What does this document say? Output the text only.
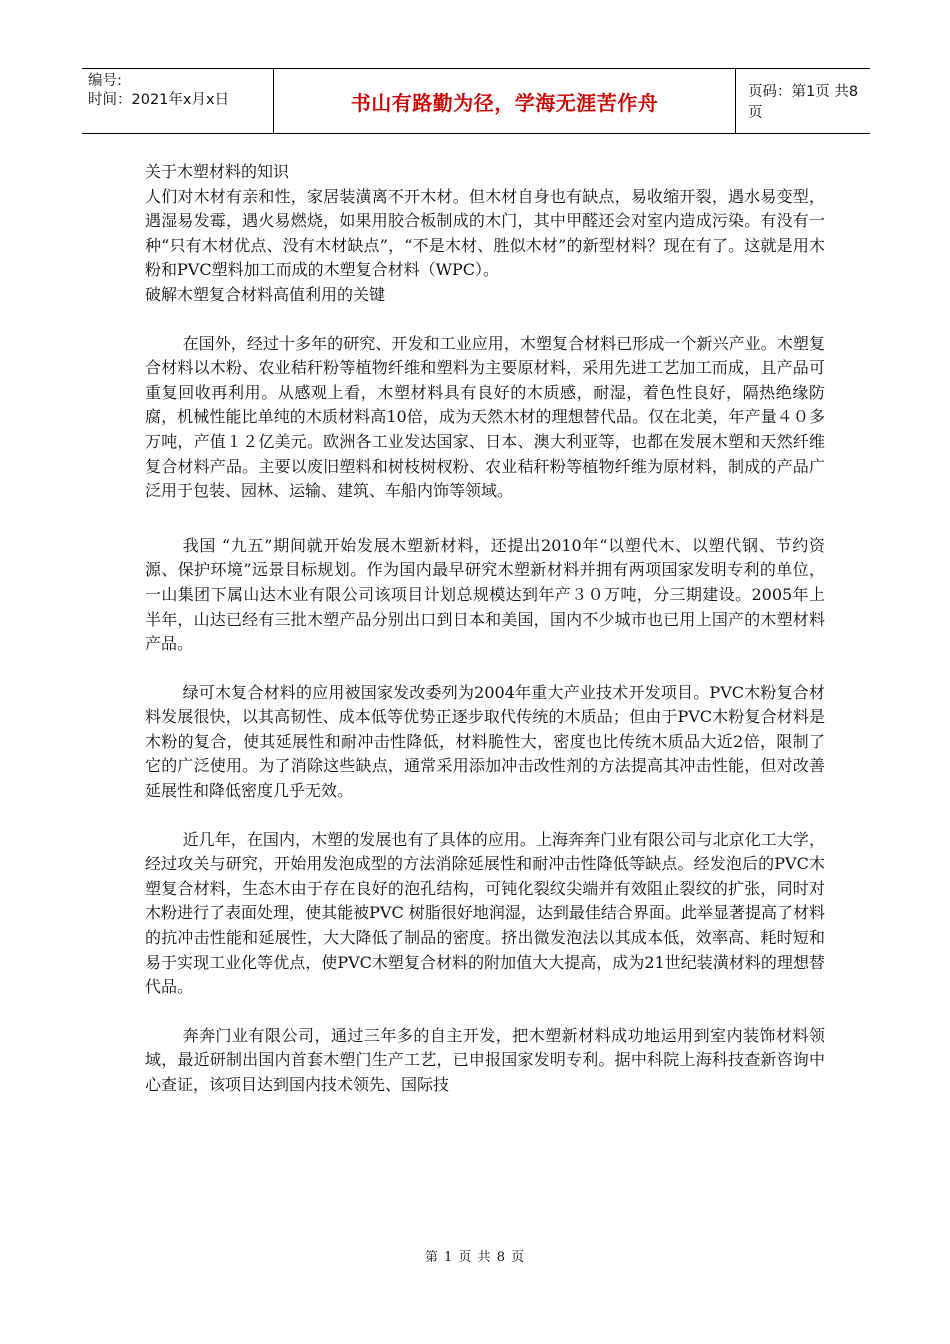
编号:
时间：2021年x月x日	书山有路勤为径，学海无涯苦作舟	页码：第1页 共8页

关于木塑材料的知识

人们对木材有亲和性，家居装潢离不开木材。但木材自身也有缺点，易收缩开裂，遇水易变型，遇湿易发霉，遇火易燃烧，如果用胶合板制成的木门，其中甲醛还会对室内造成污染。有没有一种“只有木材优点、没有木材缺点”，“不是木材、胜似木材”的新型材料？现在有了。这就是用木粉和PVC塑料加工而成的木塑复合材料（WPC）。

破解木塑复合材料高值利用的关键

在国外，经过十多年的研究、开发和工业应用，木塑复合材料已形成一个新兴产业。木塑复合材料以木粉、农业秸秆粉等植物纤维和塑料为主要原材料，采用先进工艺加工而成，且产品可重复回收再利用。从感观上看，木塑材料具有良好的木质感，耐湿，着色性良好，隔热绝缘防腐，机械性能比单纯的木质材料高10倍，成为天然木材的理想替代品。仅在北美，年产量４０多万吨，产值１２亿美元。欧洲各工业发达国家、日本、澳大利亚等，也都在发展木塑和天然纤维复合材料产品。主要以废旧塑料和树枝树杈粉、农业秸秆粉等植物纤维为原材料，制成的产品广泛用于包装、园林、运输、建筑、车船内饰等领域。

我国 “九五”期间就开始发展木塑新材料，还提出2010年“以塑代木、以塑代钢、节约资源、保护环境”远景目标规划。作为国内最早研究木塑新材料并拥有两项国家发明专利的单位，一山集团下属山达木业有限公司该项目计划总规模达到年产３０万吨，分三期建设。2005年上半年，山达已经有三批木塑产品分别出口到日本和美国，国内不少城市也已用上国产的木塑材料产品。

绿可木复合材料的应用被国家发改委列为2004年重大产业技术开发项目。PVC木粉复合材料发展很快，以其高韧性、成本低等优势正逐步取代传统的木质品；但由于PVC木粉复合材料是木粉的复合，使其延展性和耐冲击性降低，材料脆性大，密度也比传统木质品大近2倍，限制了它的广泛使用。为了消除这些缺点，通常采用添加冲击改性剂的方法提高其冲击性能，但对改善延展性和降低密度几乎无效。

近几年，在国内，木塑的发展也有了具体的应用。上海奔奔门业有限公司与北京化工大学，经过攻关与研究，开始用发泡成型的方法消除延展性和耐冲击性降低等缺点。经发泡后的PVC木塑复合材料，生态木由于存在良好的泡孔结构，可钝化裂纹尖端并有效阻止裂纹的扩张，同时对木粉进行了表面处理，使其能被PVC 树脂很好地润湿，达到最佳结合界面。此举显著提高了材料的抗冲击性能和延展性，大大降低了制品的密度。挤出微发泡法以其成本低，效率高、耗时短和易于实现工业化等优点，使PVC木塑复合材料的附加值大大提高，成为21世纪装潢材料的理想替代品。

奔奔门业有限公司，通过三年多的自主开发，把木塑新材料成功地运用到室内装饰材料领域，最近研制出国内首套木塑门生产工艺，已申报国家发明专利。据中科院上海科技查新咨询中心查证，该项目达到国内技术领先、国际技

第 1 页 共 8 页
